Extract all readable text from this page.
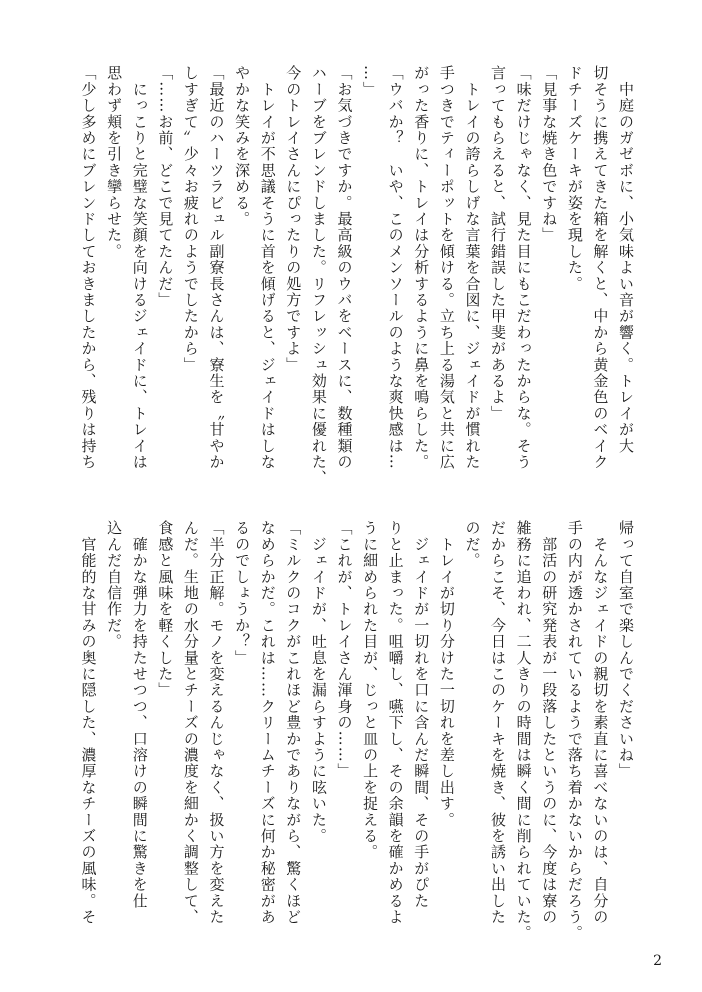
　中庭のガゼボに、小気味よい音が響く。トレイが大
切そうに携えてきた箱を解くと、中から黄金色のベイク
ドチーズケーキが姿を現した。
「見事な焼き色ですね」
「味だけじゃなく、見た目にもこだわったからな。そう
言ってもらえると、試行錯誤した甲斐があるよ」
　トレイの誇らしげな言葉を合図に、ジェイドが慣れた
手つきでティーポットを傾ける。立ち上る湯気と共に広
がった香りに、トレイは分析するように鼻を鳴らした。
「ウバか？　いや、このメンソールのような爽快感は…
…」
「お気づきですか。最高級のウバをベースに、数種類の
ハーブをブレンドしました。リフレッシュ効果に優れた、
今のトレイさんにぴったりの処方ですよ」
　トレイが不思議そうに首を傾げると、ジェイドはしな
やかな笑みを深める。
「最近のハーツラビュル副寮長さんは、寮生を〝甘やか
しすぎて〟少々お疲れのようでしたから」
「……お前、どこで見てたんだ」
　にっこりと完璧な笑顔を向けるジェイドに、トレイは
思わず頬を引き攣らせた。
「少し多めにブレンドしておきましたから、残りは持ち
帰って自室で楽しんでくださいね」
　そんなジェイドの親切を素直に喜べないのは、自分の
手の内が透かされているようで落ち着かないからだろう。
　部活の研究発表が一段落したというのに、今度は寮の
雑務に追われ、二人きりの時間は瞬く間に削られていた。
だからこそ、今日はこのケーキを焼き、彼を誘い出した
のだ。
　トレイが切り分けた一切れを差し出す。
　ジェイドが一切れを口に含んだ瞬間、その手がぴた
りと止まった。咀嚼し、嚥下し、その余韻を確かめるよ
うに細められた目が、じっと皿の上を捉える。
「これが、トレイさん渾身の……」
　ジェイドが、吐息を漏らすように呟いた。
「ミルクのコクがこれほど豊かでありながら、驚くほど
なめらかだ。これは……クリームチーズに何か秘密があ
るのでしょうか？」
「半分正解。モノを変えるんじゃなく、扱い方を変えた
んだ。生地の水分量とチーズの濃度を細かく調整して、
食感と風味を軽くした」
　確かな弾力を持たせつつ、口溶けの瞬間に驚きを仕
込んだ自信作だ。
　官能的な甘みの奥に隠した、濃厚なチーズの風味。そ
2
